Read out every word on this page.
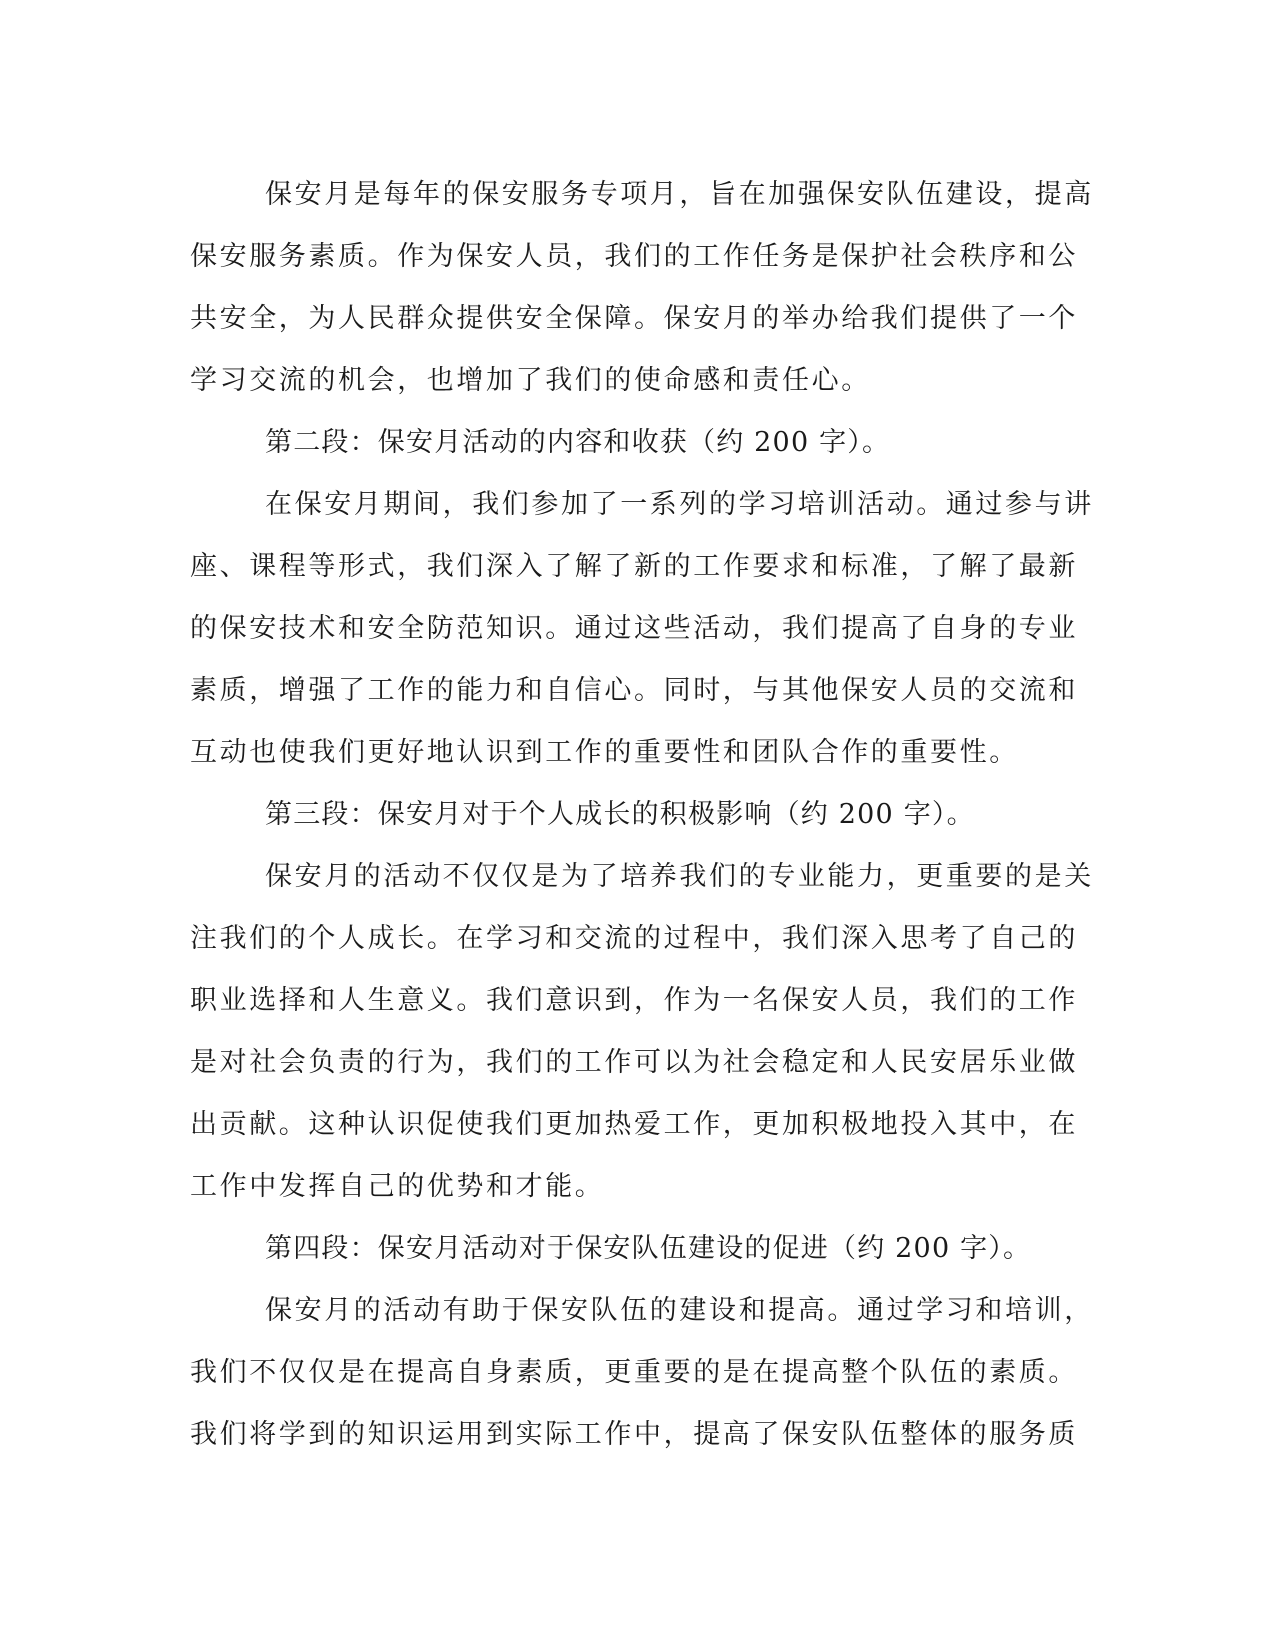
保安月是每年的保安服务专项月，旨在加强保安队伍建设，提高
保安服务素质。作为保安人员，我们的工作任务是保护社会秩序和公
共安全，为人民群众提供安全保障。保安月的举办给我们提供了一个
学习交流的机会，也增加了我们的使命感和责任心。
第二段：保安月活动的内容和收获（约 200 字）。
在保安月期间，我们参加了一系列的学习培训活动。通过参与讲
座、课程等形式，我们深入了解了新的工作要求和标准，了解了最新
的保安技术和安全防范知识。通过这些活动，我们提高了自身的专业
素质，增强了工作的能力和自信心。同时，与其他保安人员的交流和
互动也使我们更好地认识到工作的重要性和团队合作的重要性。
第三段：保安月对于个人成长的积极影响（约 200 字）。
保安月的活动不仅仅是为了培养我们的专业能力，更重要的是关
注我们的个人成长。在学习和交流的过程中，我们深入思考了自己的
职业选择和人生意义。我们意识到，作为一名保安人员，我们的工作
是对社会负责的行为，我们的工作可以为社会稳定和人民安居乐业做
出贡献。这种认识促使我们更加热爱工作，更加积极地投入其中，在
工作中发挥自己的优势和才能。
第四段：保安月活动对于保安队伍建设的促进（约 200 字）。
保安月的活动有助于保安队伍的建设和提高。通过学习和培训，
我们不仅仅是在提高自身素质，更重要的是在提高整个队伍的素质。
我们将学到的知识运用到实际工作中，提高了保安队伍整体的服务质
